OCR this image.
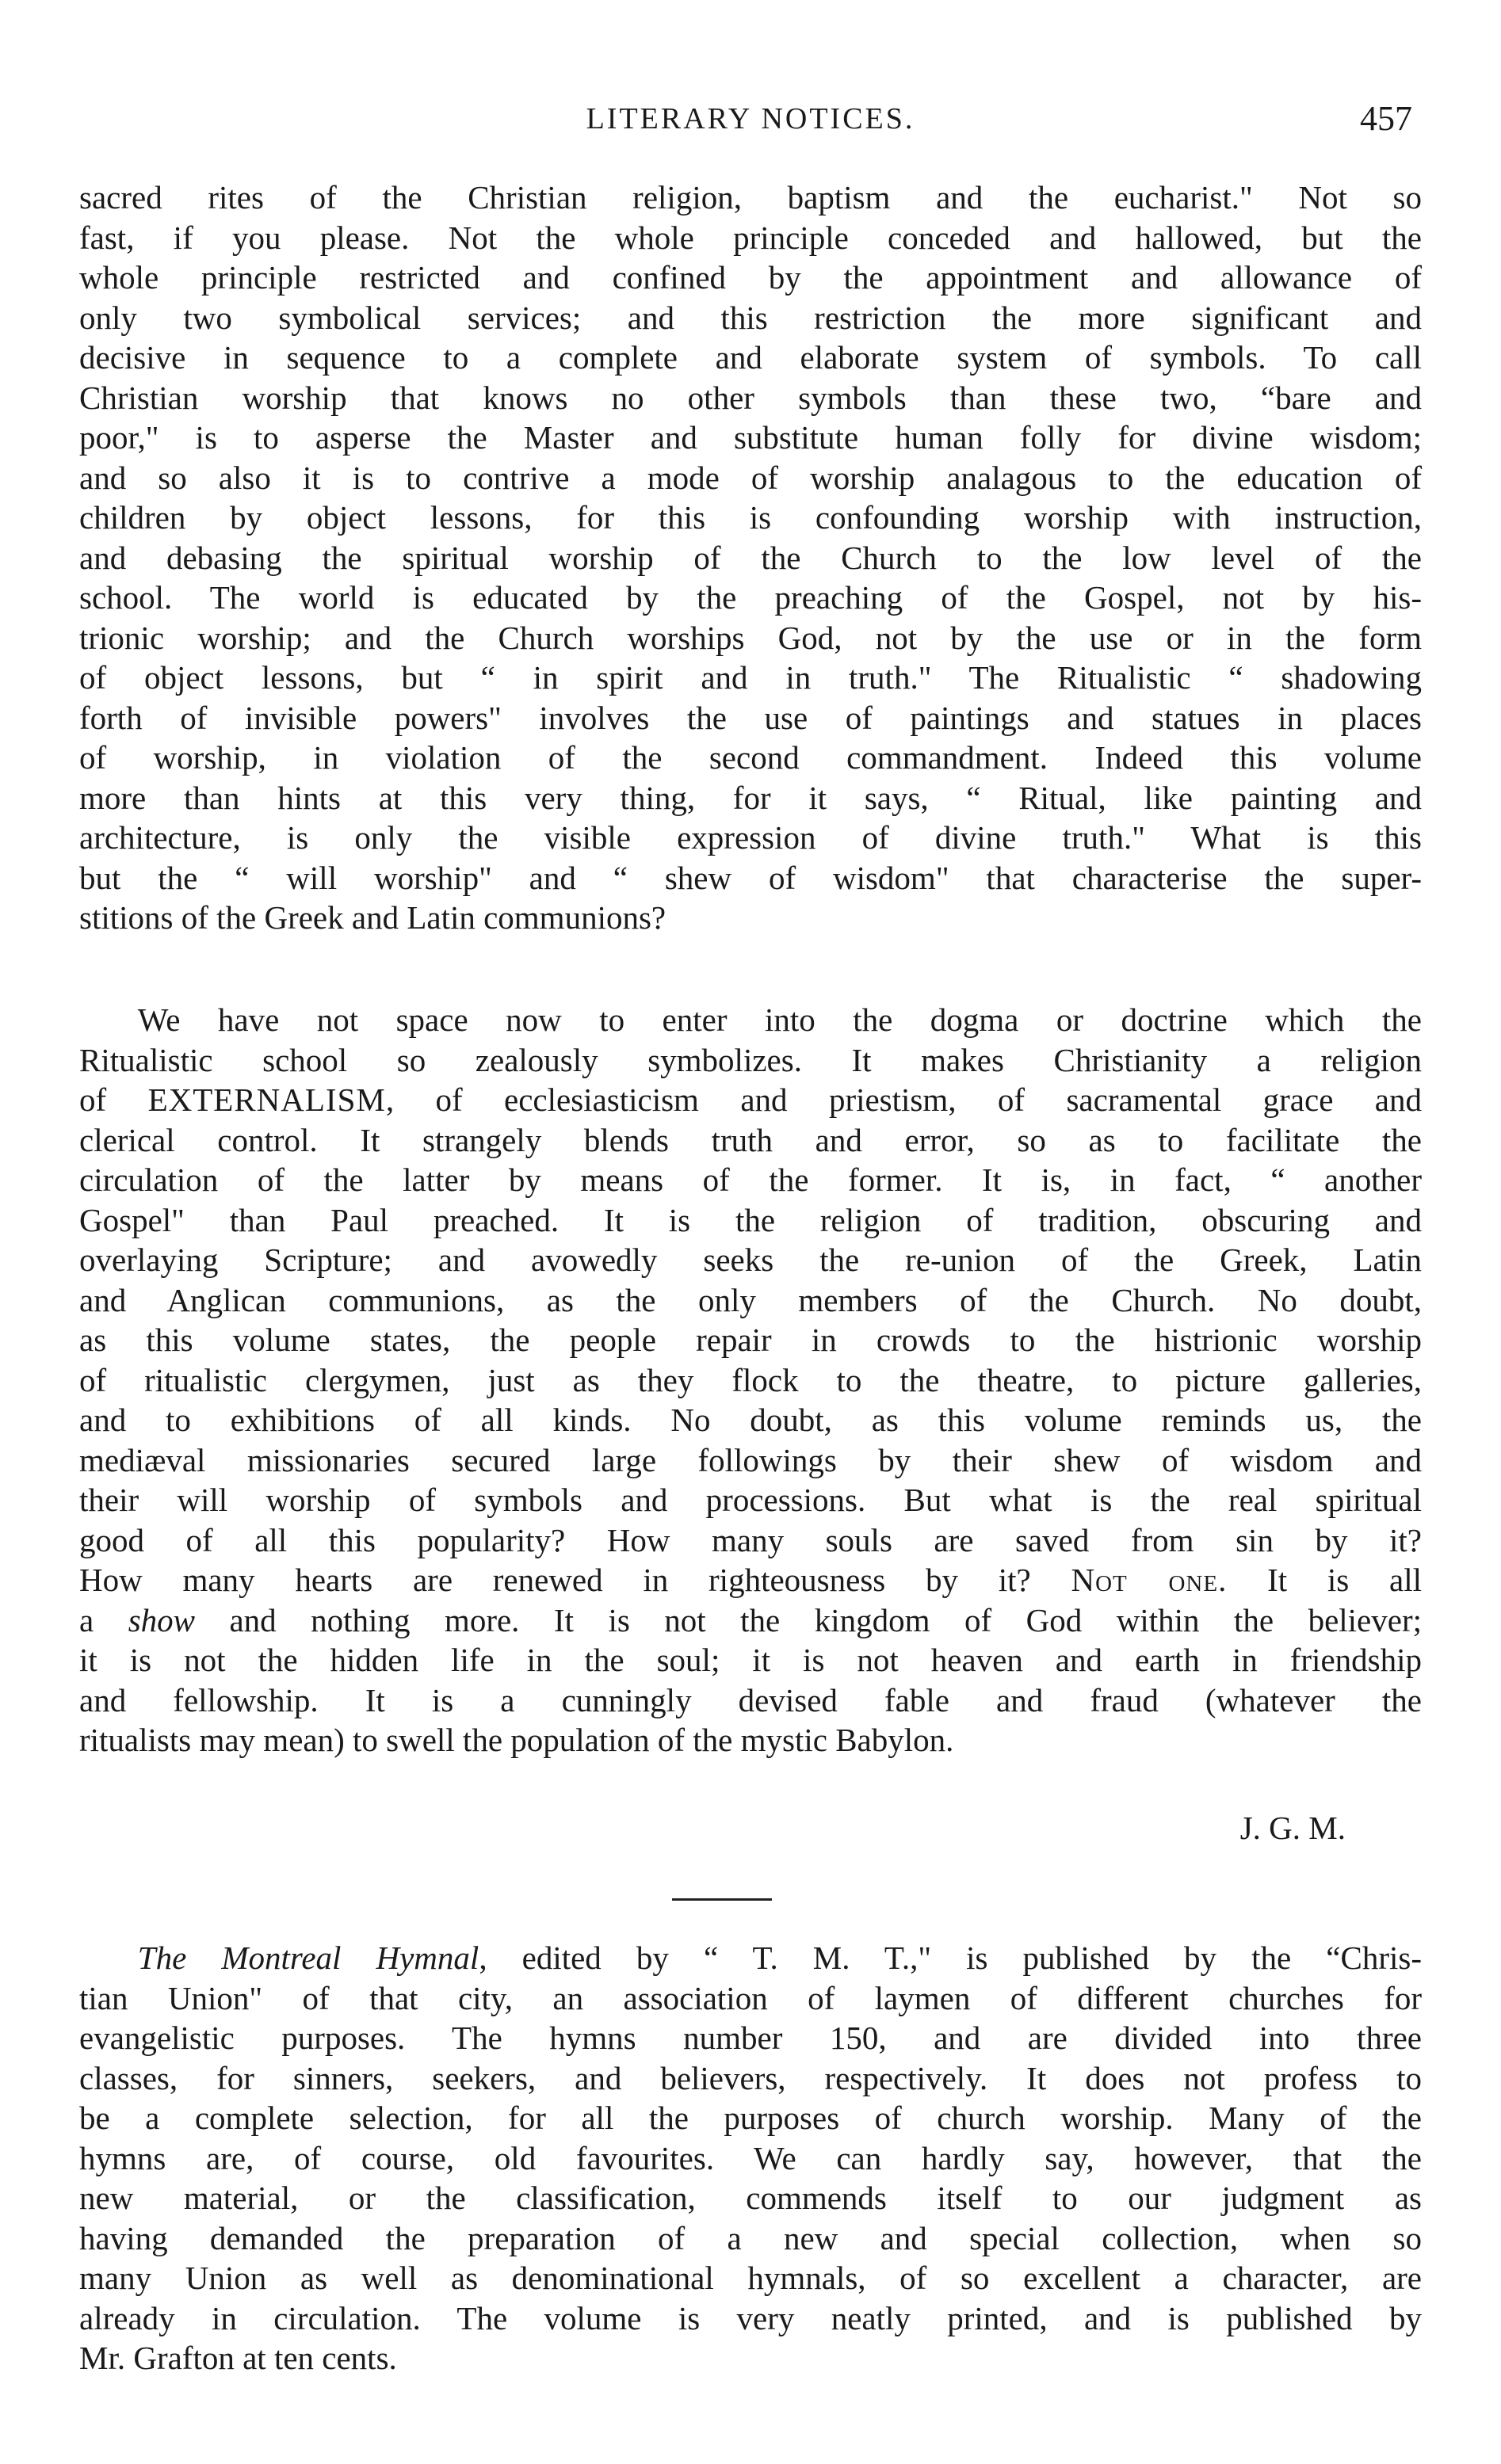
LITERARY NOTICES.	457
sacred rites of the Christian religion, baptism and the eucharist." Not so
fast, if you please. Not the whole principle conceded and hallowed, but the
whole principle restricted and confined by the appointment and allowance of
only two symbolical services; and this restriction the more significant and
decisive in sequence to a complete and elaborate system of symbols. To call
Christian worship that knows no other symbols than these two, “bare and
poor," is to asperse the Master and substitute human folly for divine wisdom;
and so also it is to contrive a mode of worship analagous to the education of
children by object lessons, for this is confounding worship with instruction,
and debasing the spiritual worship of the Church to the low level of the
school. The world is educated by the preaching of the Gospel, not by his-
trionic worship; and the Church worships God, not by the use or in the form
of object lessons, but “ in spirit and in truth." The Ritualistic “ shadowing
forth of invisible powers" involves the use of paintings and statues in places
of worship, in violation of the second commandment. Indeed this volume
more than hints at this very thing, for it says, “ Ritual, like painting and
architecture, is only the visible expression of divine truth." What is this
but the “ will worship" and “ shew of wisdom" that characterise the super-
stitions of the Greek and Latin communions?
We have not space now to enter into the dogma or doctrine which the
Ritualistic school so zealously symbolizes. It makes Christianity a religion
of EXTERNALISM, of ecclesiasticism and priestism, of sacramental grace and
clerical control. It strangely blends truth and error, so as to facilitate the
circulation of the latter by means of the former. It is, in fact, “ another
Gospel" than Paul preached. It is the religion of tradition, obscuring and
overlaying Scripture; and avowedly seeks the re-union of the Greek, Latin
and Anglican communions, as the only members of the Church. No doubt,
as this volume states, the people repair in crowds to the histrionic worship
of ritualistic clergymen, just as they flock to the theatre, to picture galleries,
and to exhibitions of all kinds. No doubt, as this volume reminds us, the
mediæval missionaries secured large followings by their shew of wisdom and
their will worship of symbols and processions. But what is the real spiritual
good of all this popularity? How many souls are saved from sin by it?
How many hearts are renewed in righteousness by it? Not one. It is all
a show and nothing more. It is not the kingdom of God within the believer;
it is not the hidden life in the soul; it is not heaven and earth in friendship
and fellowship. It is a cunningly devised fable and fraud (whatever the
ritualists may mean) to swell the population of the mystic Babylon.
J. G. M.
The Montreal Hymnal, edited by “ T. M. T.," is published by the “Chris-
tian Union" of that city, an association of laymen of different churches for
evangelistic purposes. The hymns number 150, and are divided into three
classes, for sinners, seekers, and believers, respectively. It does not profess to
be a complete selection, for all the purposes of church worship. Many of the
hymns are, of course, old favourites. We can hardly say, however, that the
new material, or the classification, commends itself to our judgment as
having demanded the preparation of a new and special collection, when so
many Union as well as denominational hymnals, of so excellent a character, are
already in circulation. The volume is very neatly printed, and is published by
Mr. Grafton at ten cents.
